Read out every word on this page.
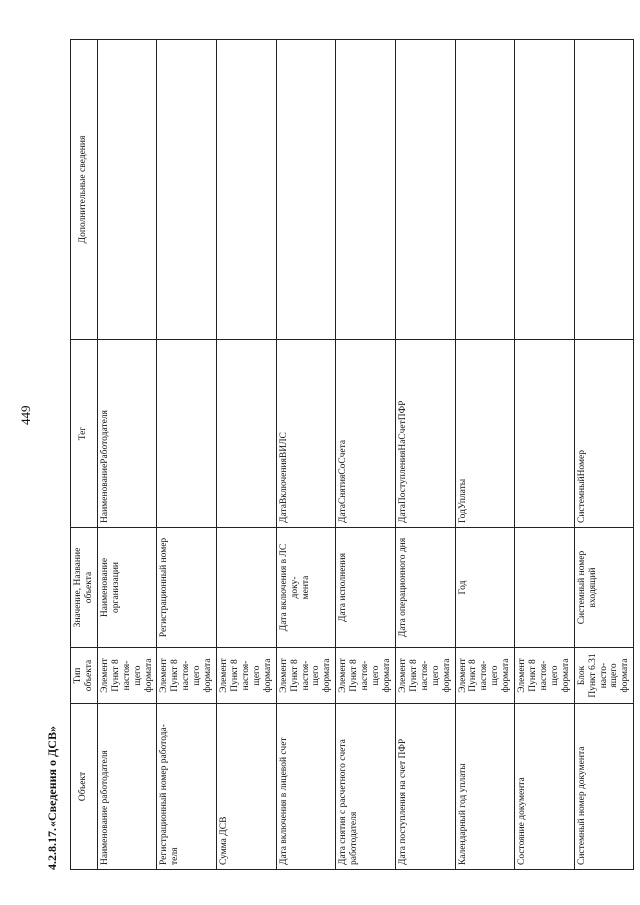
449
4.2.8.17. «Сведения о ДСВ» Объект	Тип объекта	Значение, Название объекта	Тег	Дополнительные сведения
Наименование работодателя	Элемент
Пункт 8 настоя-
щего формата	Наименование организации	НаименованиеРаботодателя	
Регистрационный номер работода-
теля	Элемент
Пункт 8 настоя-
щего формата	Регистрационный номер		
Сумма ДСВ	Элемент
Пункт 8 настоя-
щего формата			
Дата включения в лицевой счет	Элемент
Пункт 8 настоя-
щего формата	Дата включения в ЛС доку-
мента	ДатаВключенияВИЛС	
Дата снятия с расчетного счета
работодателя	Элемент
Пункт 8 настоя-
щего формата	Дата исполнения	ДатаСнятияСоСчета	
Дата поступления на счет ПФР	Элемент
Пункт 8 настоя-
щего формата	Дата операционного дня	ДатаПоступленияНаСчетПФР	
Календарный год уплаты	Элемент
Пункт 8 настоя-
щего формата	Год	ГодУплаты	
Состояние документа	Элемент
Пункт 8 настоя-
щего формата			
Системный номер документа	Блок
Пункт 6.31 насто-
ящего формата	Системный номер входящий	СистемныйНомер	
